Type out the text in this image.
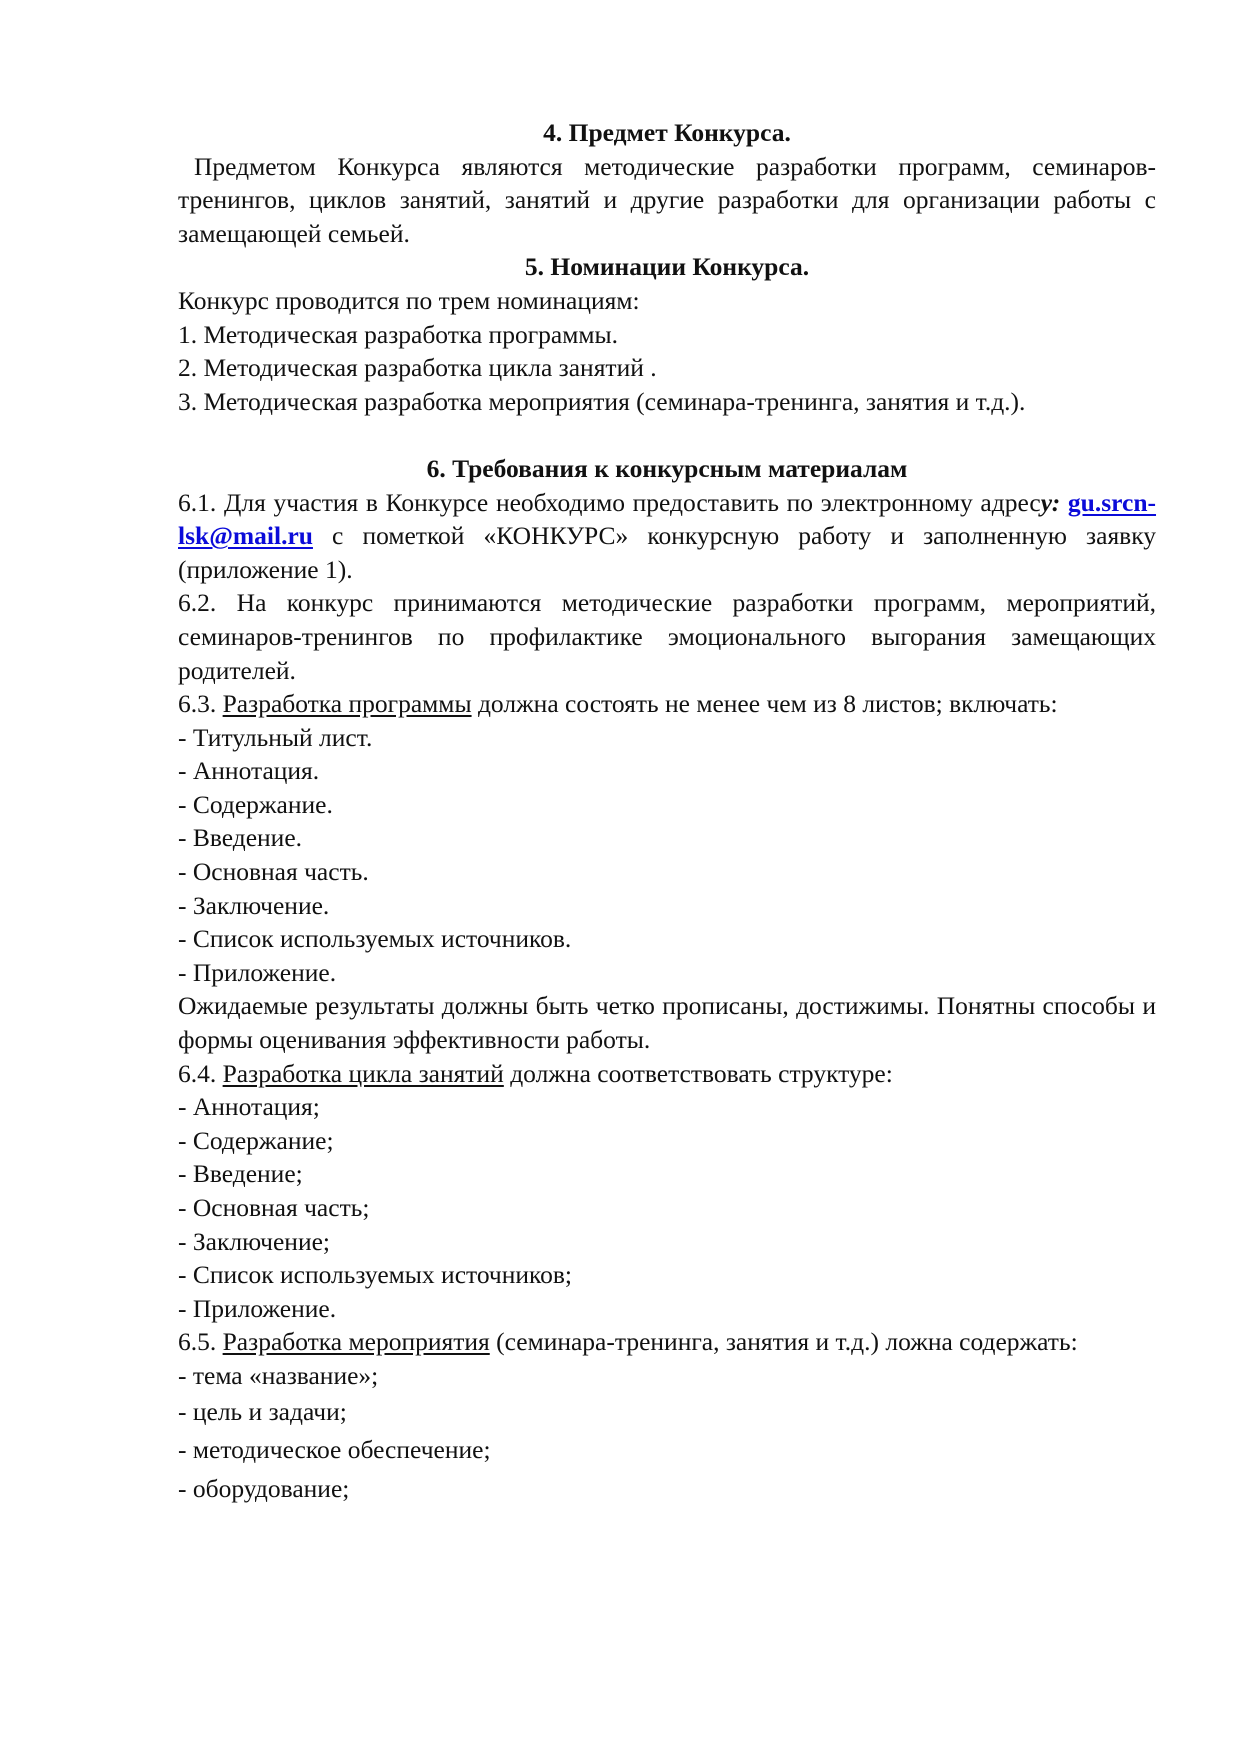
4. Предмет Конкурса.

Предметом Конкурса являются методические разработки программ, семинаров-тренингов, циклов занятий, занятий и другие разработки для организации работы с замещающей семьей.

5. Номинации Конкурса.

Конкурс проводится по трем номинациям:

1. Методическая разработка программы.

2. Методическая разработка цикла занятий .

3. Методическая разработка мероприятия (семинара-тренинга, занятия и т.д.).

6. Требования к конкурсным материалам

6.1. Для участия в Конкурсе необходимо предоставить по электронному адресу: gu.srcn-lsk@mail.ru с пометкой «КОНКУРС» конкурсную работу и заполненную заявку (приложение 1).

6.2. На конкурс принимаются методические разработки программ, мероприятий, семинаров-тренингов по профилактике эмоционального выгорания замещающих родителей.

6.3. Разработка программы должна состоять не менее чем из 8 листов; включать:

- Титульный лист.
- Аннотация.
- Содержание.
- Введение.
- Основная часть.
- Заключение.
- Список используемых источников.
- Приложение.

Ожидаемые результаты должны быть четко прописаны, достижимы. Понятны способы и формы оценивания эффективности работы.

6.4. Разработка цикла занятий должна соответствовать структуре:

- Аннотация;
- Содержание;
- Введение;
- Основная часть;
- Заключение;
- Список используемых источников;
- Приложение.

6.5. Разработка мероприятия (семинара-тренинга, занятия и т.д.) ложна содержать:

- тема «название»;
- цель и задачи;
- методическое обеспечение;
- оборудование;
